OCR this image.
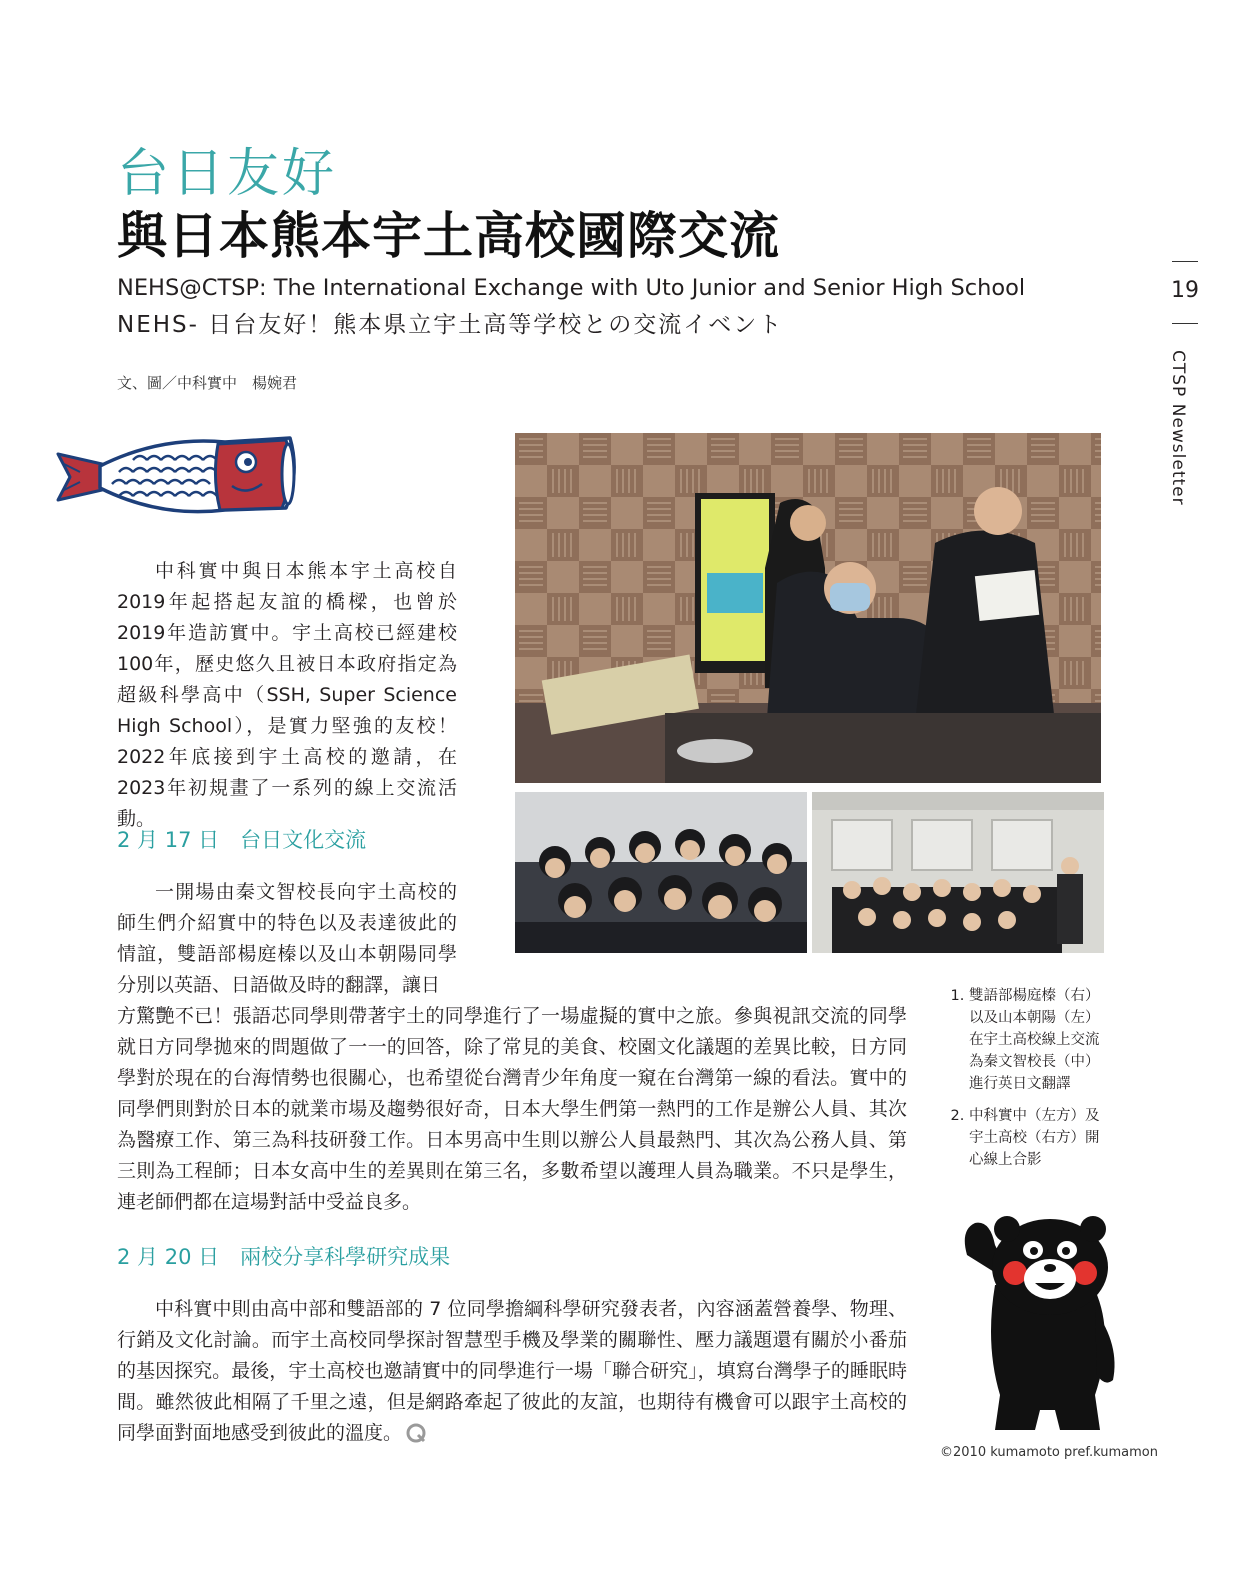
台日友好
與日本熊本宇土高校國際交流
NEHS@CTSP: The International Exchange with Uto Junior and Senior High School
NEHS- 日台友好！熊本県立宇土高等学校との交流イベント
文、圖／中科實中　楊婉君
19
CTSP Newsletter

中科實中與日本熊本宇土高校自2019年起搭起友誼的橋樑，也曾於2019年造訪實中。宇土高校已經建校100年，歷史悠久且被日本政府指定為超級科學高中（SSH, Super Science High School），是實力堅強的友校！ 2022年底接到宇土高校的邀請，在2023年初規畫了一系列的線上交流活動。

2 月 17 日　台日文化交流

一開場由秦文智校長向宇土高校的師生們介紹實中的特色以及表達彼此的情誼，雙語部楊庭榛以及山本朝陽同學分別以英語、日語做及時的翻譯，讓日

方驚艷不已！張語芯同學則帶著宇土的同學進行了一場虛擬的實中之旅。參與視訊交流的同學就日方同學拋來的問題做了一一的回答，除了常見的美食、校園文化議題的差異比較，日方同學對於現在的台海情勢也很關心，也希望從台灣青少年角度一窺在台灣第一線的看法。實中的同學們則對於日本的就業市場及趨勢很好奇，日本大學生們第一熱門的工作是辦公人員、其次為醫療工作、第三為科技研發工作。日本男高中生則以辦公人員最熱門、其次為公務人員、第三則為工程師；日本女高中生的差異則在第三名，多數希望以護理人員為職業。不只是學生，連老師們都在這場對話中受益良多。

2 月 20 日　兩校分享科學研究成果

中科實中則由高中部和雙語部的 7 位同學擔綱科學研究發表者，內容涵蓋營養學、物理、行銷及文化討論。而宇土高校同學探討智慧型手機及學業的關聯性、壓力議題還有關於小番茄的基因探究。最後，宇土高校也邀請實中的同學進行一場「聯合研究」，填寫台灣學子的睡眠時間。雖然彼此相隔了千里之遠，但是網路牽起了彼此的友誼，也期待有機會可以跟宇土高校的同學面對面地感受到彼此的溫度。

1. 雙語部楊庭榛（右）以及山本朝陽（左）在宇土高校線上交流為秦文智校長（中）進行英日文翻譯
2. 中科實中（左方）及宇土高校（右方）開心線上合影
©2010 kumamoto pref.kumamon
